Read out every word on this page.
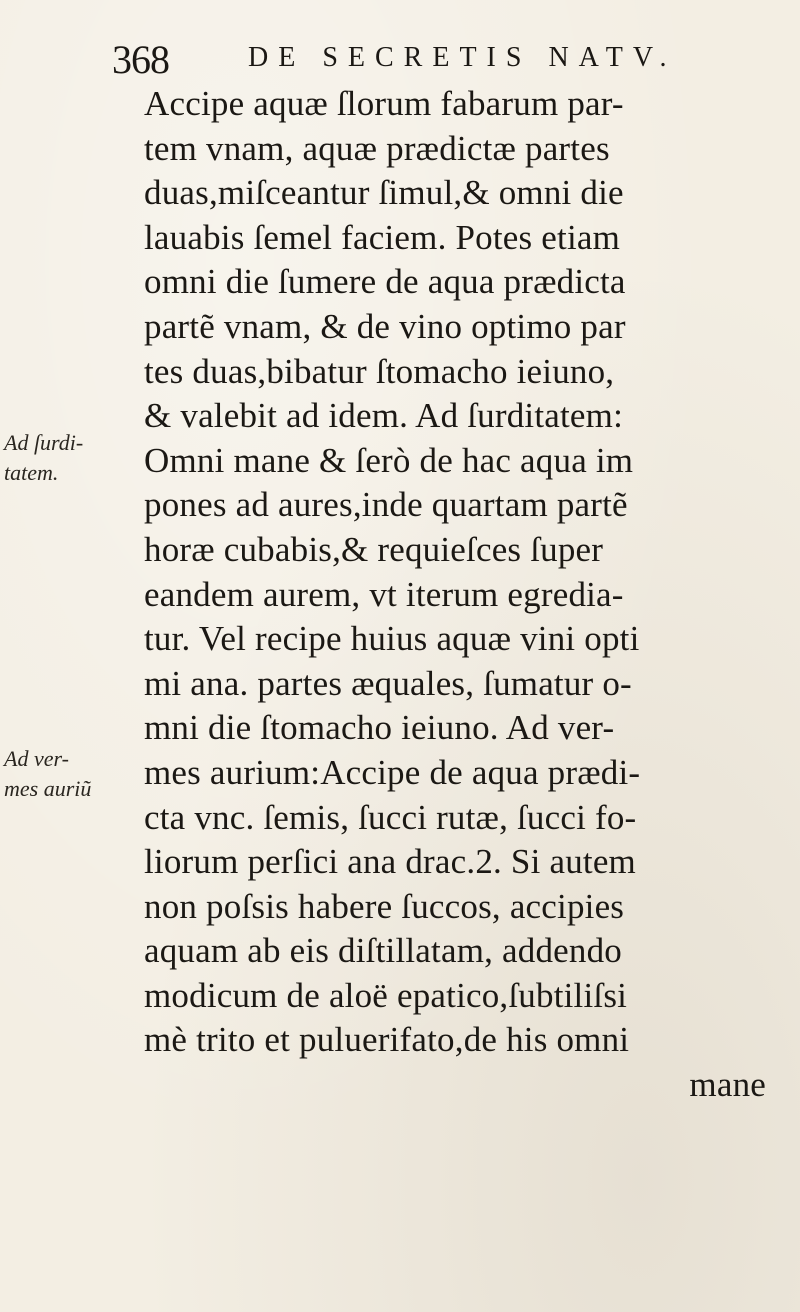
368	DE SECRETIS NATV.
Accipe aquæ ſlorum fabarum par-
tem vnam, aquæ prædictæ partes
duas,miſceantur ſimul,& omni die
lauabis ſemel faciem. Potes etiam
omni die ſumere de aqua prædicta
partẽ vnam, & de vino optimo par
tes duas,bibatur ſtomacho ieiuno,
& valebit ad idem. Ad ſurditatem:
Omni mane & ſerò de hac aqua im
pones ad aures,inde quartam partẽ
horæ cubabis,& requieſces ſuper
eandem aurem, vt iterum egredia-
tur. Vel recipe huius aquæ vini opti
mi ana. partes æquales, ſumatur o-
mni die ſtomacho ieiuno. Ad ver-
mes aurium:Accipe de aqua prædi-
cta vnc. ſemis, ſucci rutæ, ſucci fo-
liorum perſici ana drac.2. Si autem
non poſsis habere ſuccos, accipies
aquam ab eis diſtillatam, addendo
modicum de aloë epatico,ſubtiliſsi
mè trito et puluerifato,de his omni
mane
Ad ſurdi-
tatem.
Ad ver-
mes auriũ
